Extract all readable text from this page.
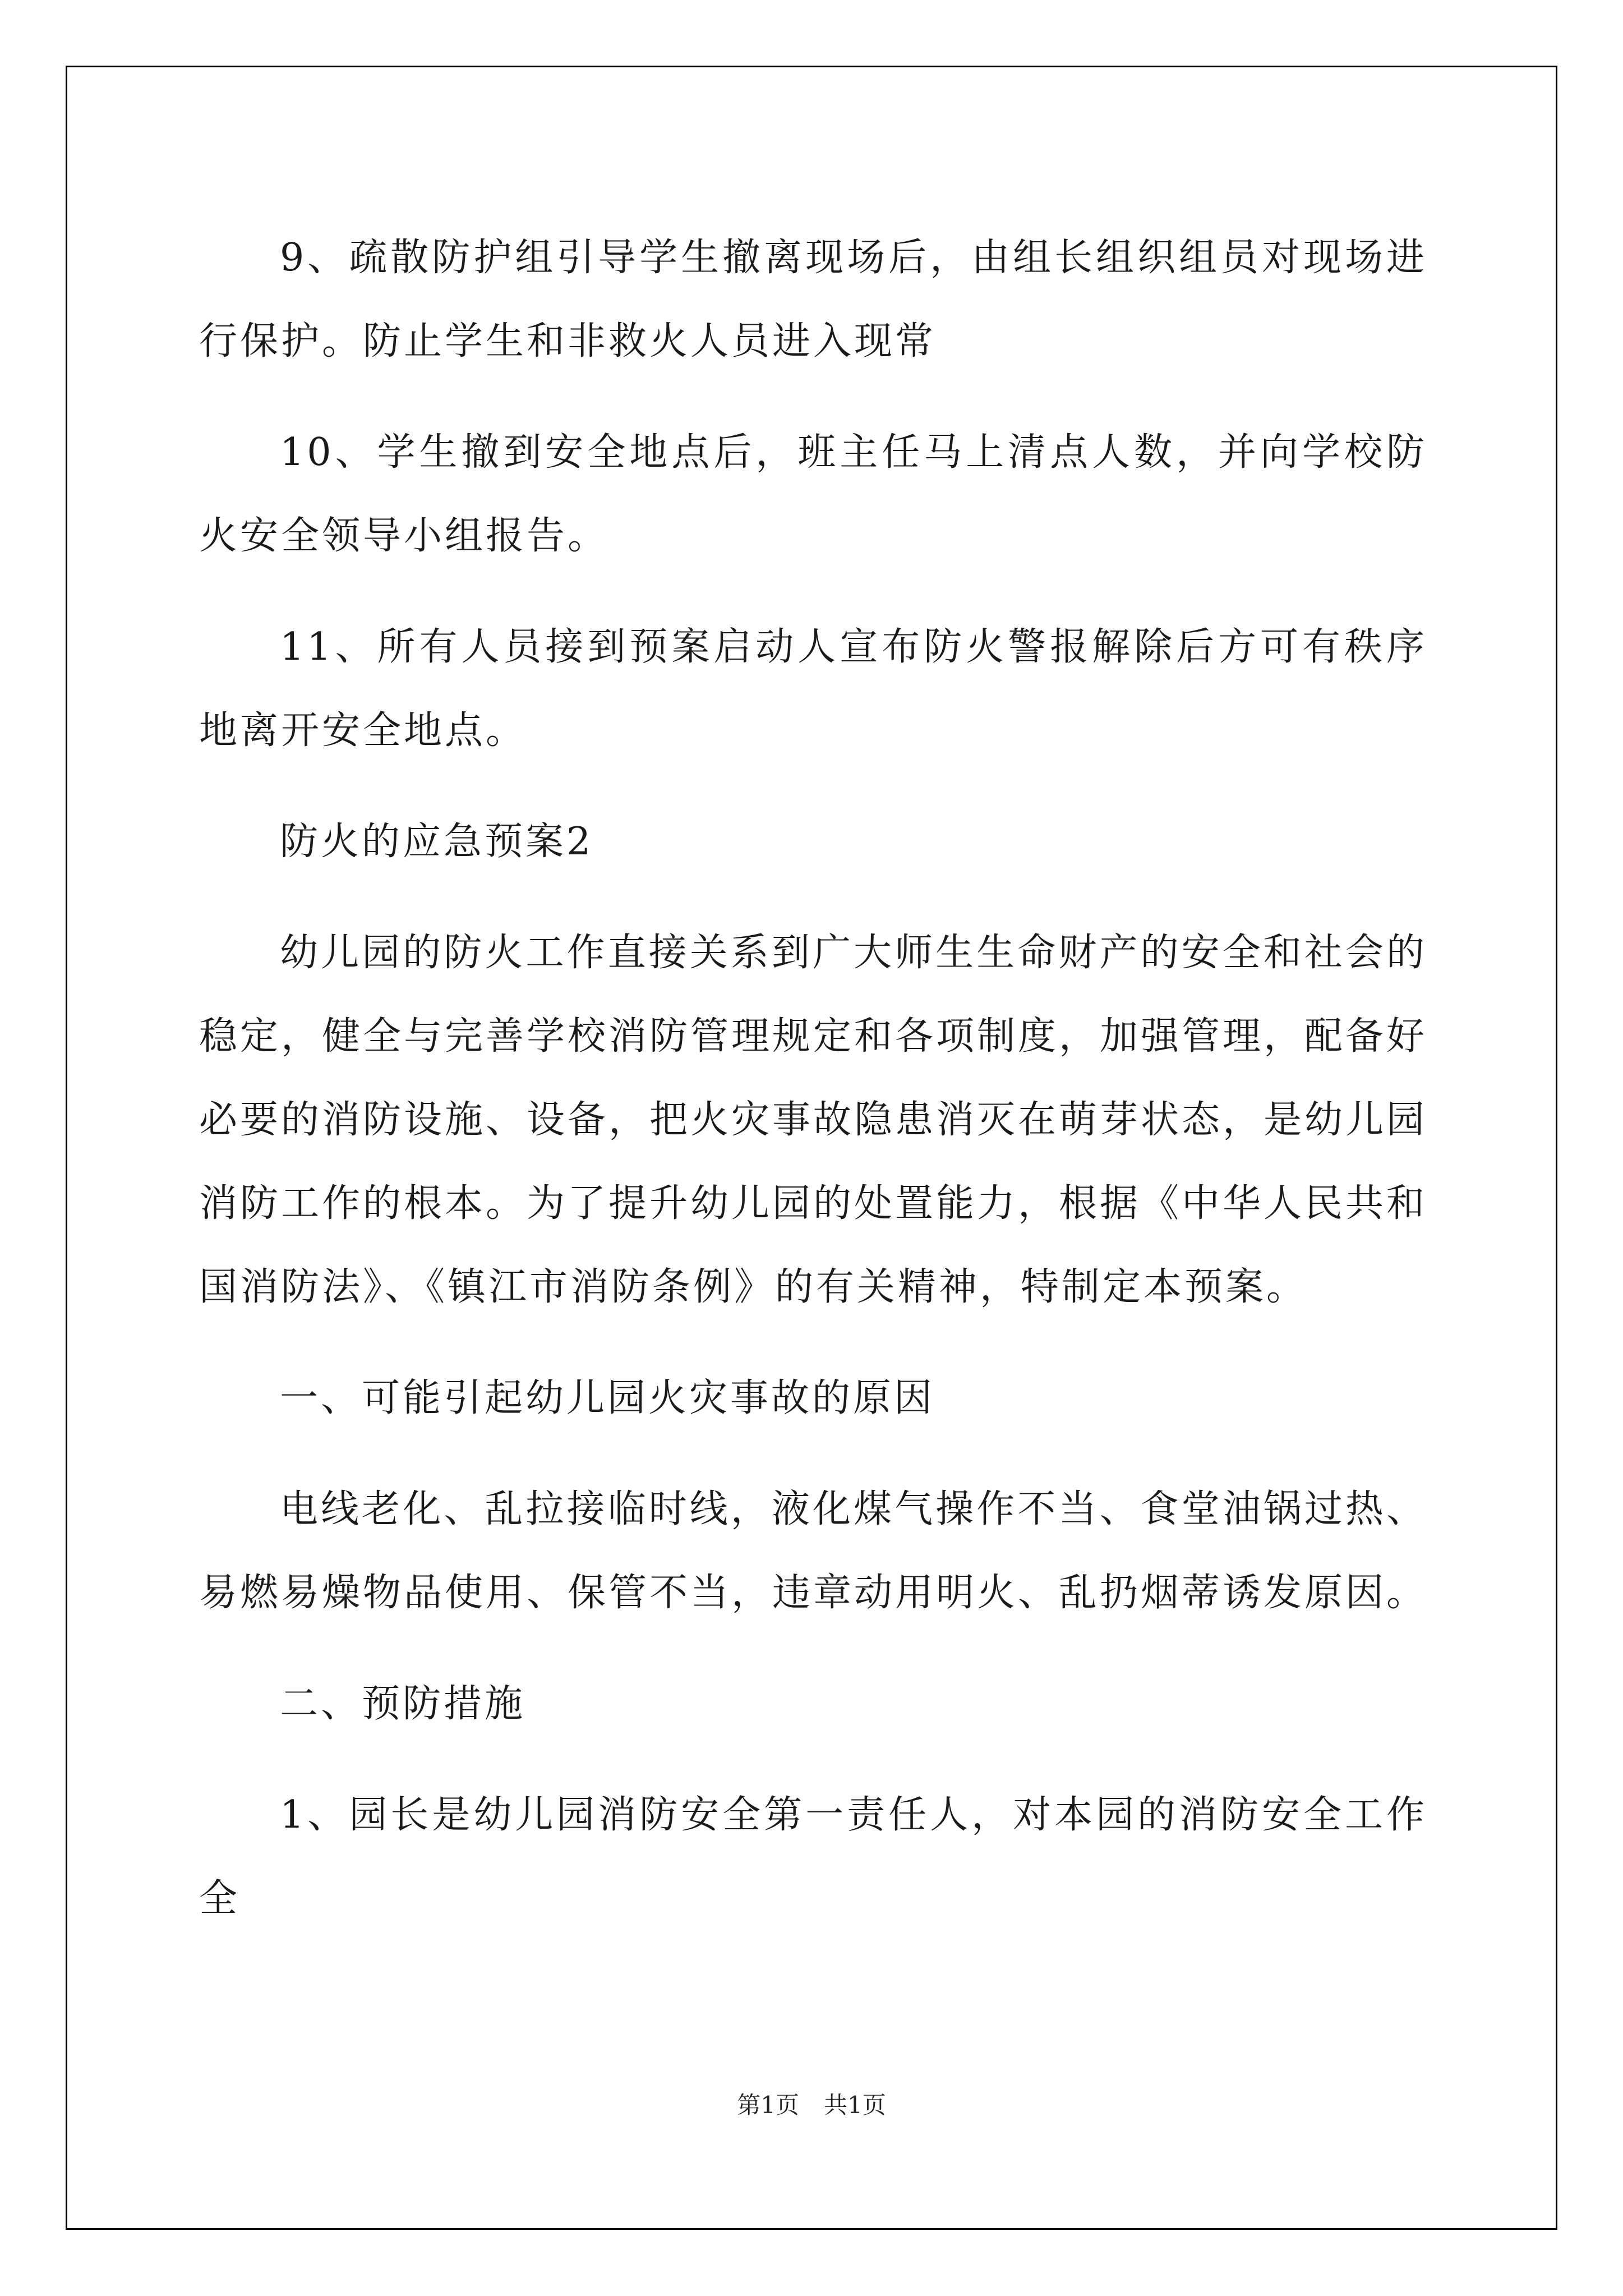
9、疏散防护组引导学生撤离现场后，由组长组织组员对现场进行保护。防止学生和非救火人员进入现常

10、学生撤到安全地点后，班主任马上清点人数，并向学校防火安全领导小组报告。

11、所有人员接到预案启动人宣布防火警报解除后方可有秩序地离开安全地点。

防火的应急预案2

幼儿园的防火工作直接关系到广大师生生命财产的安全和社会的稳定，健全与完善学校消防管理规定和各项制度，加强管理，配备好必要的消防设施、设备，把火灾事故隐患消灭在萌芽状态，是幼儿园消防工作的根本。为了提升幼儿园的处置能力，根据《中华人民共和国消防法》、《镇江市消防条例》的有关精神，特制定本预案。

一、可能引起幼儿园火灾事故的原因

电线老化、乱拉接临时线，液化煤气操作不当、食堂油锅过热、易燃易燥物品使用、保管不当，违章动用明火、乱扔烟蒂诱发原因。

二、预防措施

1、园长是幼儿园消防安全第一责任人，对本园的消防安全工作全

第1页 共1页
